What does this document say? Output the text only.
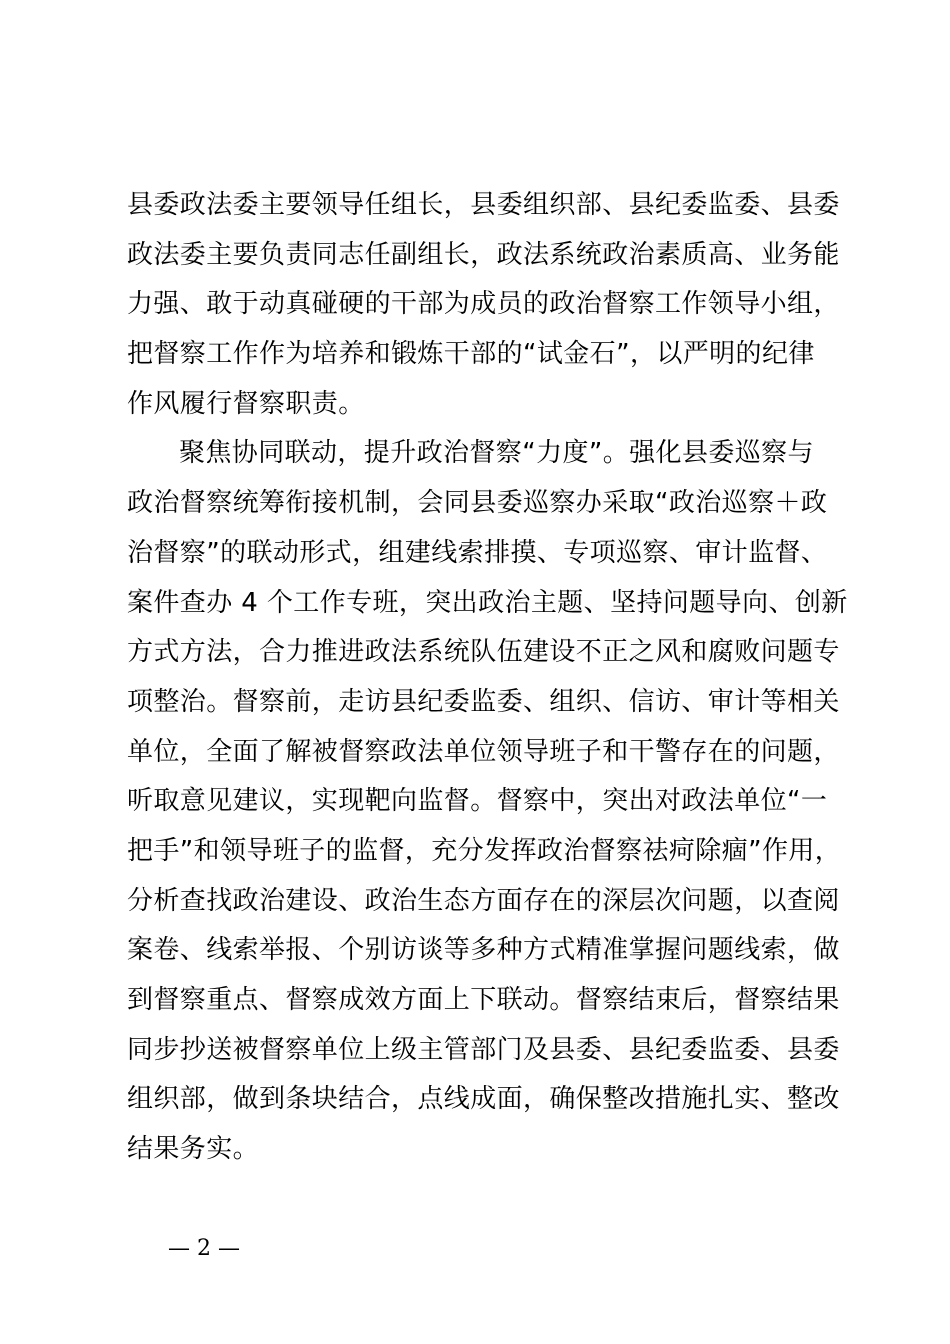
县委政法委主要领导任组长，县委组织部、县纪委监委、县委
政法委主要负责同志任副组长，政法系统政治素质高、业务能
力强、敢于动真碰硬的干部为成员的政治督察工作领导小组，
把督察工作作为培养和锻炼干部的“试金石”，以严明的纪律
作风履行督察职责。
聚焦协同联动，提升政治督察“力度”。强化县委巡察与
政治督察统筹衔接机制，会同县委巡察办采取“政治巡察＋政
治督察”的联动形式，组建线索排摸、专项巡察、审计监督、
案件查办 4 个工作专班，突出政治主题、坚持问题导向、创新
方式方法，合力推进政法系统队伍建设不正之风和腐败问题专
项整治。督察前，走访县纪委监委、组织、信访、审计等相关
单位，全面了解被督察政法单位领导班子和干警存在的问题，
听取意见建议，实现靶向监督。督察中，突出对政法单位“一
把手”和领导班子的监督，充分发挥政治督察祛疴除痼”作用，
分析查找政治建设、政治生态方面存在的深层次问题，以查阅
案卷、线索举报、个别访谈等多种方式精准掌握问题线索，做
到督察重点、督察成效方面上下联动。督察结束后，督察结果
同步抄送被督察单位上级主管部门及县委、县纪委监委、县委
组织部，做到条块结合，点线成面，确保整改措施扎实、整改
结果务实。
— 2 —
